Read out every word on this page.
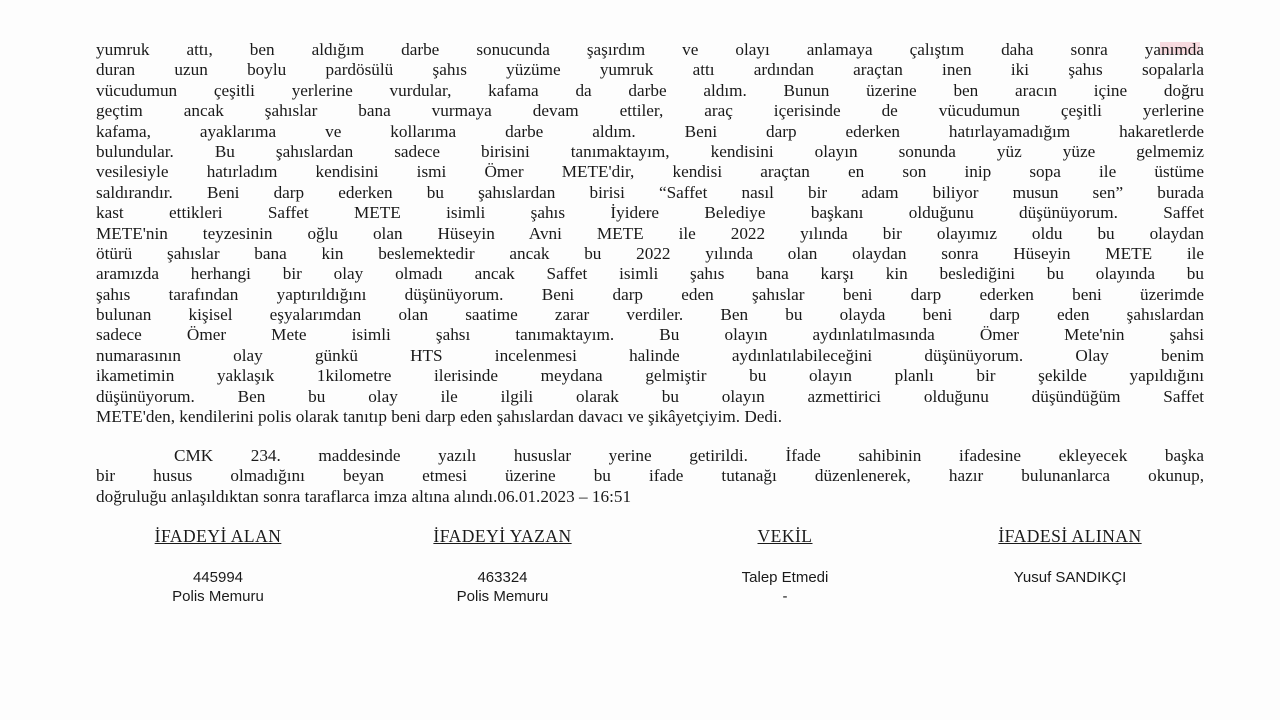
yumruk attı, ben aldığım darbe sonucunda şaşırdım ve olayı anlamaya çalıştım daha sonra yanımda
duran uzun boylu pardösülü şahıs yüzüme yumruk attı ardından araçtan inen iki şahıs sopalarla
vücudumun çeşitli yerlerine vurdular, kafama da darbe aldım. Bunun üzerine ben aracın içine doğru
geçtim ancak şahıslar bana vurmaya devam ettiler, araç içerisinde de vücudumun çeşitli yerlerine
kafama, ayaklarıma ve kollarıma darbe aldım. Beni darp ederken hatırlayamadığım hakaretlerde
bulundular. Bu şahıslardan sadece birisini tanımaktayım, kendisini olayın sonunda yüz yüze gelmemiz
vesilesiyle hatırladım kendisini ismi Ömer METE'dir, kendisi araçtan en son inip sopa ile üstüme
saldırandır. Beni darp ederken bu şahıslardan birisi “Saffet nasıl bir adam biliyor musun sen” burada
kast ettikleri Saffet METE isimli şahıs İyidere Belediye başkanı olduğunu düşünüyorum. Saffet
METE'nin teyzesinin oğlu olan Hüseyin Avni METE ile 2022 yılında bir olayımız oldu bu olaydan
ötürü şahıslar bana kin beslemektedir ancak bu 2022 yılında olan olaydan sonra Hüseyin METE ile
aramızda herhangi bir olay olmadı ancak Saffet isimli şahıs bana karşı kin beslediğini bu olayında bu
şahıs tarafından yaptırıldığını düşünüyorum. Beni darp eden şahıslar beni darp ederken beni üzerimde
bulunan kişisel eşyalarımdan olan saatime zarar verdiler. Ben bu olayda beni darp eden şahıslardan
sadece Ömer Mete isimli şahsı tanımaktayım. Bu olayın aydınlatılmasında Ömer Mete'nin şahsi
numarasının olay günkü HTS incelenmesi halinde aydınlatılabileceğini düşünüyorum. Olay benim
ikametimin yaklaşık 1kilometre ilerisinde meydana gelmiştir bu olayın planlı bir şekilde yapıldığını
düşünüyorum. Ben bu olay ile ilgili olarak bu olayın azmettirici olduğunu düşündüğüm Saffet
METE'den, kendilerini polis olarak tanıtıp beni darp eden şahıslardan davacı ve şikâyetçiyim. Dedi.
CMK 234. maddesinde yazılı hususlar yerine getirildi. İfade sahibinin ifadesine ekleyecek başka
bir husus olmadığını beyan etmesi üzerine bu ifade tutanağı düzenlenerek, hazır bulunanlarca okunup,
doğruluğu anlaşıldıktan sonra taraflarca imza altına alındı.06.01.2023 – 16:51
İFADEYİ ALAN
445994
Polis Memuru
İFADEYİ YAZAN
463324
Polis Memuru
VEKİL
Talep Etmedi
-
İFADESİ ALINAN
Yusuf SANDIKÇI
